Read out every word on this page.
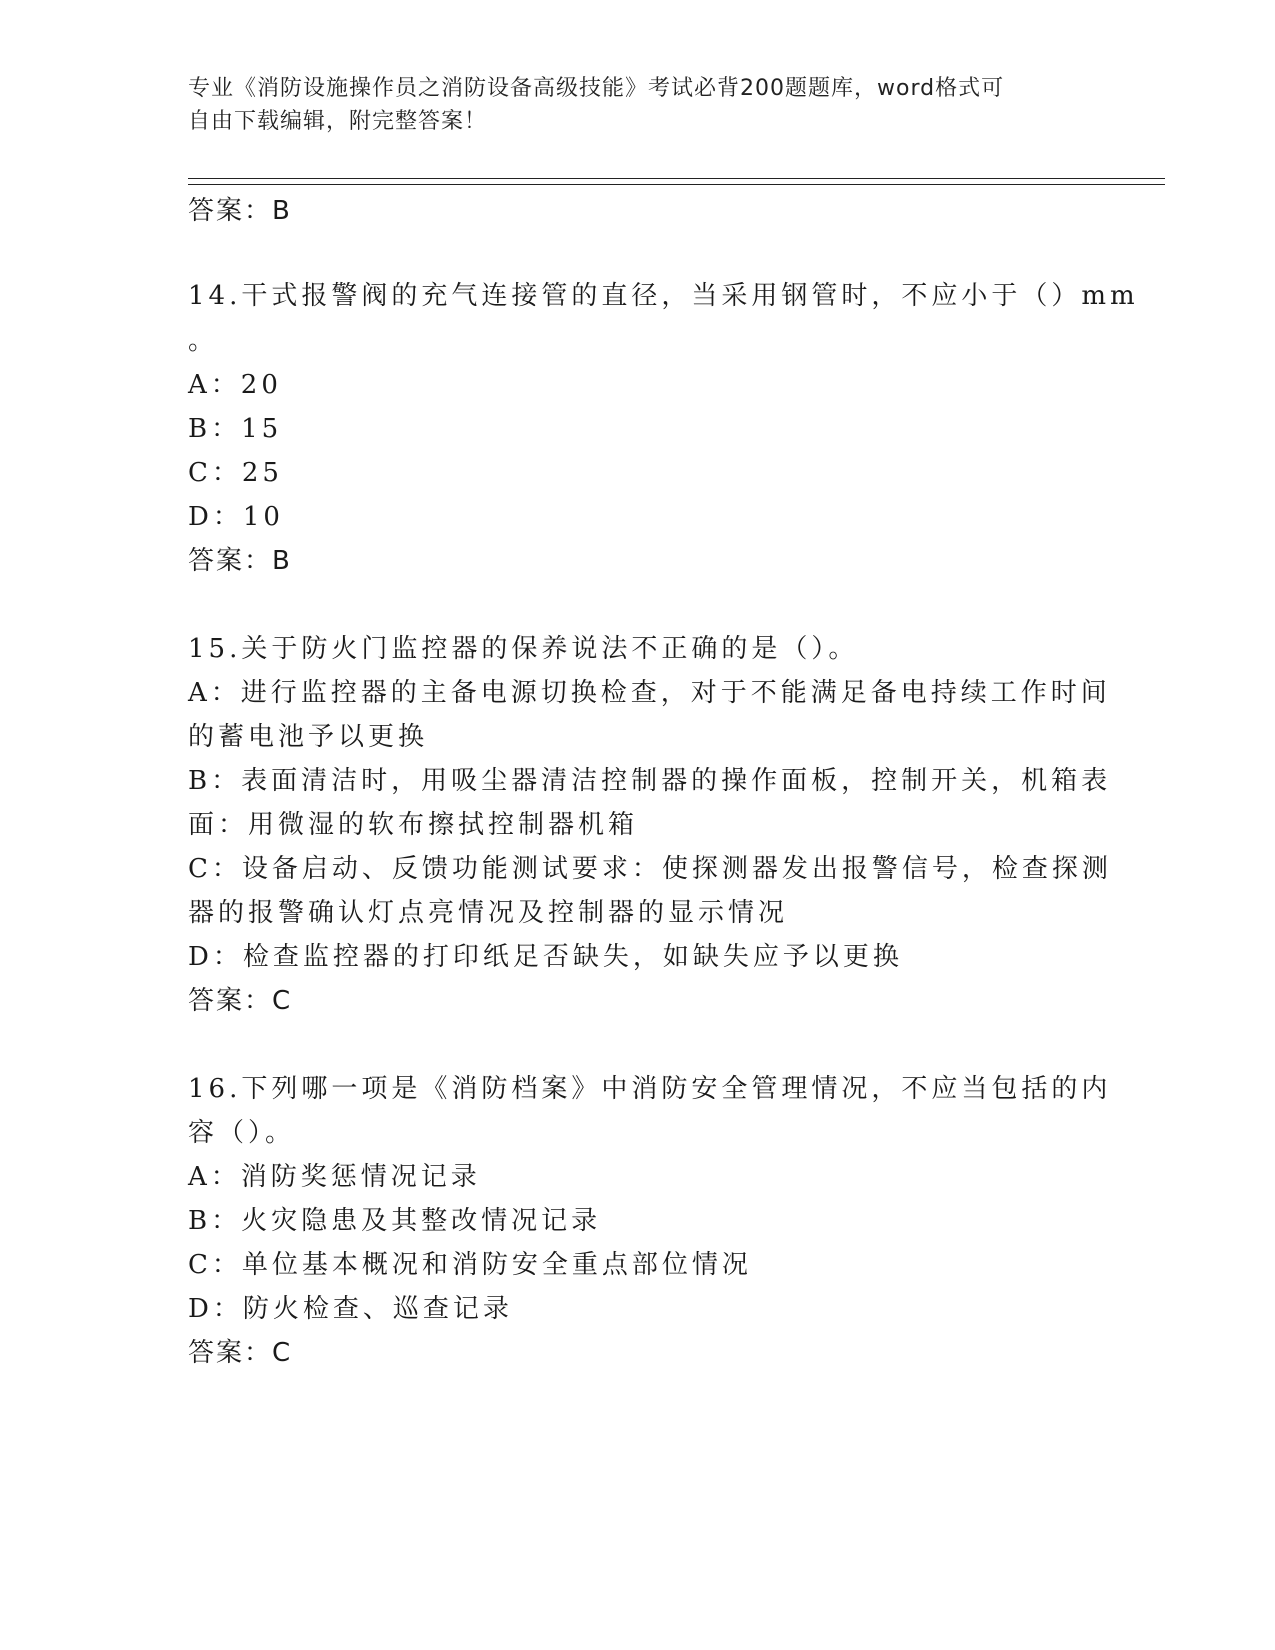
专业《消防设施操作员之消防设备高级技能》考试必背200题题库，word格式可
自由下载编辑，附完整答案！
答案：B
14.干式报警阀的充气连接管的直径，当采用钢管时，不应小于（）mm
。
A：20
B：15
C：25
D：10
答案：B
15.关于防火门监控器的保养说法不正确的是（）。
A：进行监控器的主备电源切换检查，对于不能满足备电持续工作时间
的蓄电池予以更换
B：表面清洁时，用吸尘器清洁控制器的操作面板，控制开关，机箱表
面：用微湿的软布擦拭控制器机箱
C：设备启动、反馈功能测试要求：使探测器发出报警信号，检查探测
器的报警确认灯点亮情况及控制器的显示情况
D：检查监控器的打印纸足否缺失，如缺失应予以更换
答案：C
16.下列哪一项是《消防档案》中消防安全管理情况，不应当包括的内
容（）。
A：消防奖惩情况记录
B：火灾隐患及其整改情况记录
C：单位基本概况和消防安全重点部位情况
D：防火检查、巡查记录
答案：C
